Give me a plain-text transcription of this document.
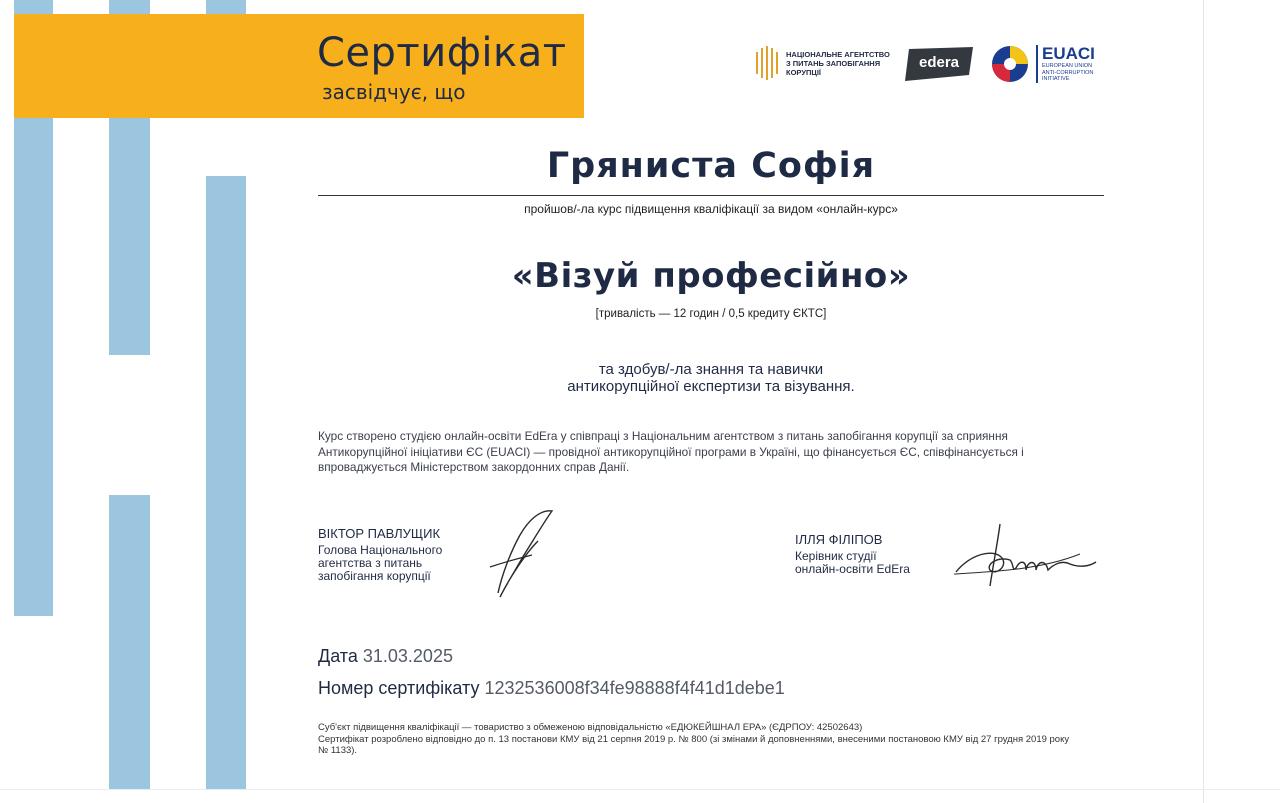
Сертифікат
засвідчує, що
НАЦІОНАЛЬНЕ АГЕНТСТВО З ПИТАНЬ ЗАПОБІГАННЯ КОРУПЦІЇ
edera	EUACI
EUROPEAN UNION ANTI-CORRUPTION INITIATIVE
Грянистa Софія
пройшов/-ла курс підвищення кваліфікації за видом «онлайн-курс»
«Візуй професійно»
[тривалість — 12 годин / 0,5 кредиту ЄКТС]
та здобув/-ла знання та навички
антикорупційної експертизи та візування.
Курс створено студією онлайн-освіти EdEra у співпраці з Національним агентством з питань запобігання корупції за сприяння Антикорупційної ініціативи ЄС (EUACI) — провідної антикорупційної програми в Україні, що фінансується ЄС, співфінансується і впроваджується Міністерством закордонних справ Данії.
ВІКТОР ПАВЛУЩИК
Голова Національного
агентства з питань
запобігання корупції
ІЛЛЯ ФІЛІПОВ
Керівник студії
онлайн-освіти EdEra
Дата 31.03.2025
Номер сертифікату 1232536008f34fe98888f4f41d1debe1
Суб'єкт підвищення кваліфікації — товариство з обмеженою відповідальністю «ЕДЮКЕЙШНАЛ ЕРА» (ЄДРПОУ: 42502643)
Сертифікат розроблено відповідно до п. 13 постанови КМУ від 21 серпня 2019 р. № 800 (зі змінами й доповненнями, внесеними постановою КМУ від 27 грудня 2019 року № 1133).
